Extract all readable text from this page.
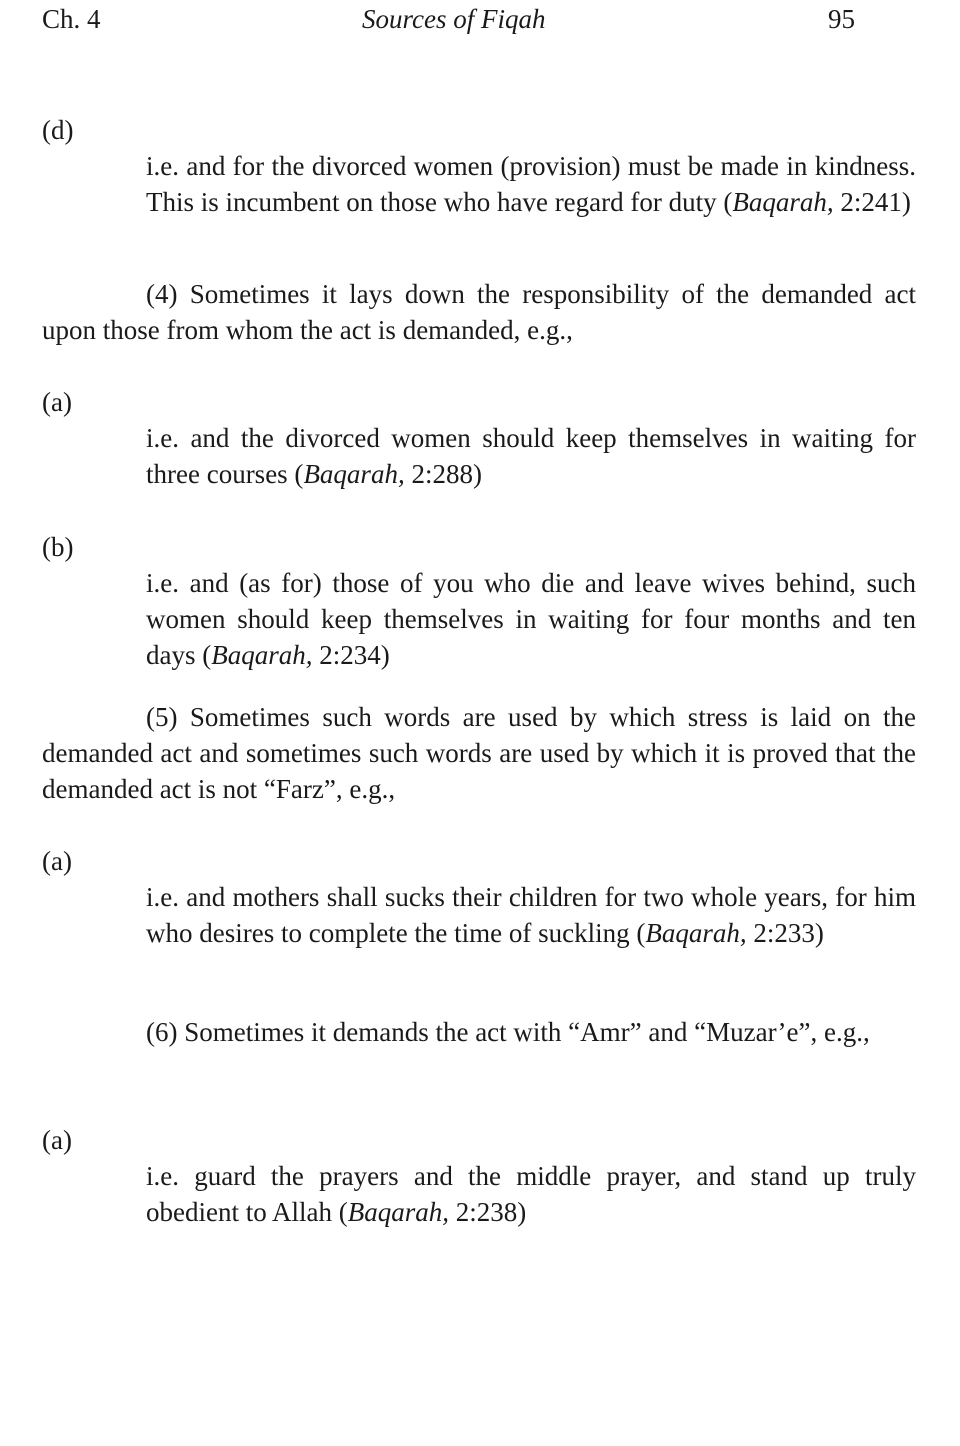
Ch. 4	Sources of Fiqah	95
(d)
i.e. and for the divorced women (provision) must be made in kindness. This is incumbent on those who have regard for duty (Baqarah, 2:241)
(4) Sometimes it lays down the responsibility of the demanded act upon those from whom the act is demanded, e.g.,
(a)
i.e. and the divorced women should keep themselves in waiting for three courses (Baqarah, 2:288)
(b)
i.e. and (as for) those of you who die and leave wives behind, such women should keep themselves in waiting for four months and ten days (Baqarah, 2:234)
(5) Sometimes such words are used by which stress is laid on the demanded act and sometimes such words are used by which it is proved that the demanded act is not “Farz”, e.g.,
(a)
i.e. and mothers shall sucks their children for two whole years, for him who desires to complete the time of suckling (Baqarah, 2:233)
(6) Sometimes it demands the act with “Amr” and “Muzar’e”, e.g.,
(a)
i.e. guard the prayers and the middle prayer, and stand up truly obedient to Allah (Baqarah, 2:238)
